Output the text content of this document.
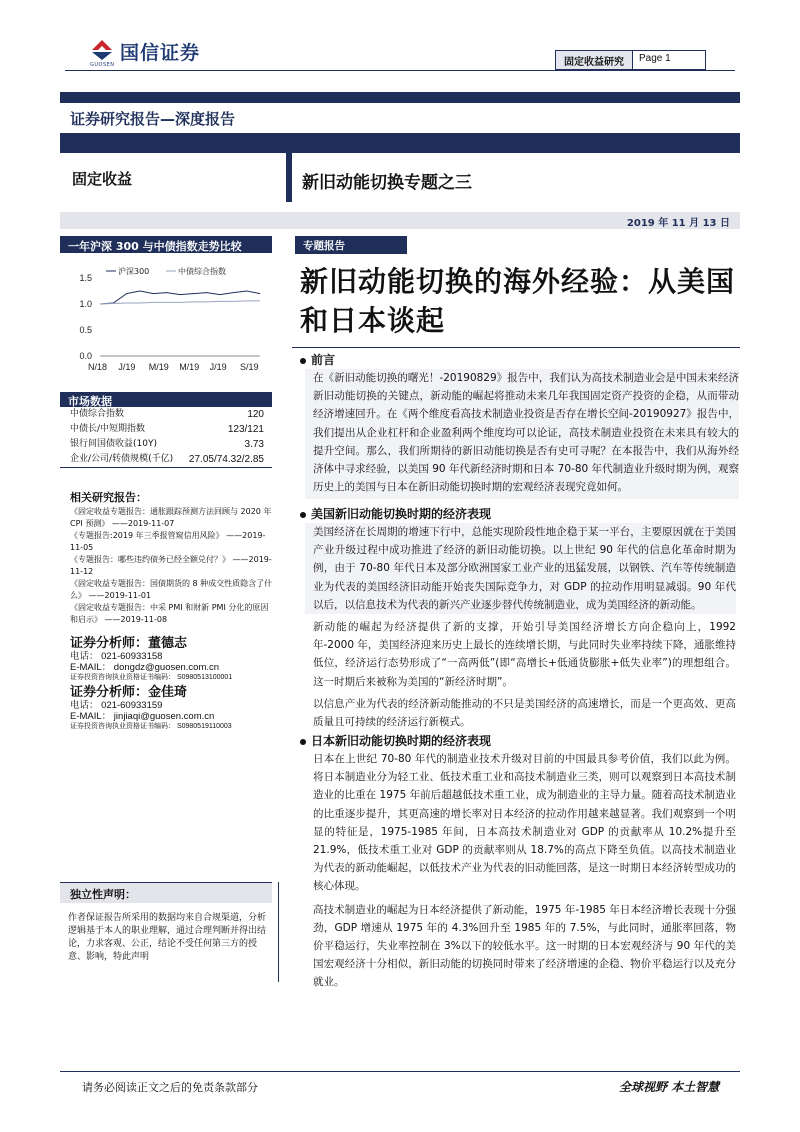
国信证券
GUOSEN	固定收益研究	Page 1
证券研究报告—深度报告
固定收益	新旧动能切换专题之三
2019 年 11 月 13 日
一年沪深 300 与中债指数走势比较
1.5
1.0
0.5
0.0
N/18 J/19 M/19 M/19 J/19 S/19
沪深300	中债综合指数
市场数据
中债综合指数	120
中债长/中短期指数	123/121
银行间国债收益(10Y)	3.73
企业/公司/转债规模(千亿) 27.05/74.32/2.85
相关研究报告：
《固定收益专题报告：通胀跟踪预测方法回顾与 2020 年 CPI 预测》 ——2019-11-07
《专题报告:2019 年三季报管窥信用风险》 ——2019-11-05
《专题报告：哪些违约债务已经全额兑付？》 ——2019-11-12
《固定收益专题报告：国债期货的 8 种成交性质隐含了什么》 ——2019-11-01
《固定收益专题报告：中采 PMI 和财新 PMI 分化的原因和启示》 ——2019-11-08
证券分析师：董德志
电话： 021-60933158
E-MAIL： dongdz@guosen.com.cn
证券投资咨询执业资格证书编码： S0980513100001
证券分析师：金佳琦
电话： 021-60933159
E-MAIL： jinjiaqi@guosen.com.cn
证券投资咨询执业资格证书编码： S0980519110003
独立性声明：
作者保证报告所采用的数据均来自合规渠道，分析逻辑基于本人的职业理解，通过合理判断并得出结论，力求客观、公正，结论不受任何第三方的授意、影响，特此声明
专题报告
新旧动能切换的海外经验：从美国和日本谈起
前言
在《新旧动能切换的曙光！-20190829》报告中，我们认为高技术制造业会是中国未来经济新旧动能切换的关键点，新动能的崛起将推动未来几年我国固定资产投资的企稳，从而带动经济增速回升。在《两个维度看高技术制造业投资是否存在增长空间-20190927》报告中，我们提出从企业杠杆和企业盈利两个维度均可以论证，高技术制造业投资在未来具有较大的提升空间。那么，我们所期待的新旧动能切换是否有史可寻呢？在本报告中，我们从海外经济体中寻求经验，以美国 90 年代新经济时期和日本 70-80 年代制造业升级时期为例，观察历史上的美国与日本在新旧动能切换时期的宏观经济表现究竟如何。
美国新旧动能切换时期的经济表现
美国经济在长周期的增速下行中，总能实现阶段性地企稳于某一平台，主要原因就在于美国产业升级过程中成功推进了经济的新旧动能切换。以上世纪 90 年代的信息化革命时期为例，由于 70-80 年代日本及部分欧洲国家工业产业的迅猛发展，以钢铁、汽车等传统制造业为代表的美国经济旧动能开始丧失国际竞争力，对 GDP 的拉动作用明显减弱。90 年代以后，以信息技术为代表的新兴产业逐步替代传统制造业，成为美国经济的新动能。
新动能的崛起为经济提供了新的支撑，开始引导美国经济增长方向企稳向上，1992 年-2000 年，美国经济迎来历史上最长的连续增长期，与此同时失业率持续下降，通胀维持低位，经济运行态势形成了“一高两低”(即“高增长+低通货膨胀+低失业率”)的理想组合。这一时期后来被称为美国的“新经济时期”。
以信息产业为代表的经济新动能推动的不只是美国经济的高速增长，而是一个更高效、更高质量且可持续的经济运行新模式。
日本新旧动能切换时期的经济表现
日本在上世纪 70-80 年代的制造业技术升级对目前的中国最具参考价值，我们以此为例。将日本制造业分为轻工业、低技术重工业和高技术制造业三类，则可以观察到日本高技术制造业的比重在 1975 年前后超越低技术重工业，成为制造业的主导力量。随着高技术制造业的比重逐步提升，其更高速的增长率对日本经济的拉动作用越来越显著。我们观察到一个明显的特征是，1975-1985 年间，日本高技术制造业对 GDP 的贡献率从 10.2%提升至 21.9%，低技术重工业对 GDP 的贡献率则从 18.7%的高点下降至负值。以高技术制造业为代表的新动能崛起，以低技术产业为代表的旧动能回落，是这一时期日本经济转型成功的核心体现。
高技术制造业的崛起为日本经济提供了新动能，1975 年-1985 年日本经济增长表现十分强劲，GDP 增速从 1975 年的 4.3%回升至 1985 年的 7.5%，与此同时，通胀率回落，物价平稳运行，失业率控制在 3%以下的较低水平。这一时期的日本宏观经济与 90 年代的美国宏观经济十分相似，新旧动能的切换同时带来了经济增速的企稳、物价平稳运行以及充分就业。
请务必阅读正文之后的免责条款部分	全球视野 本土智慧
